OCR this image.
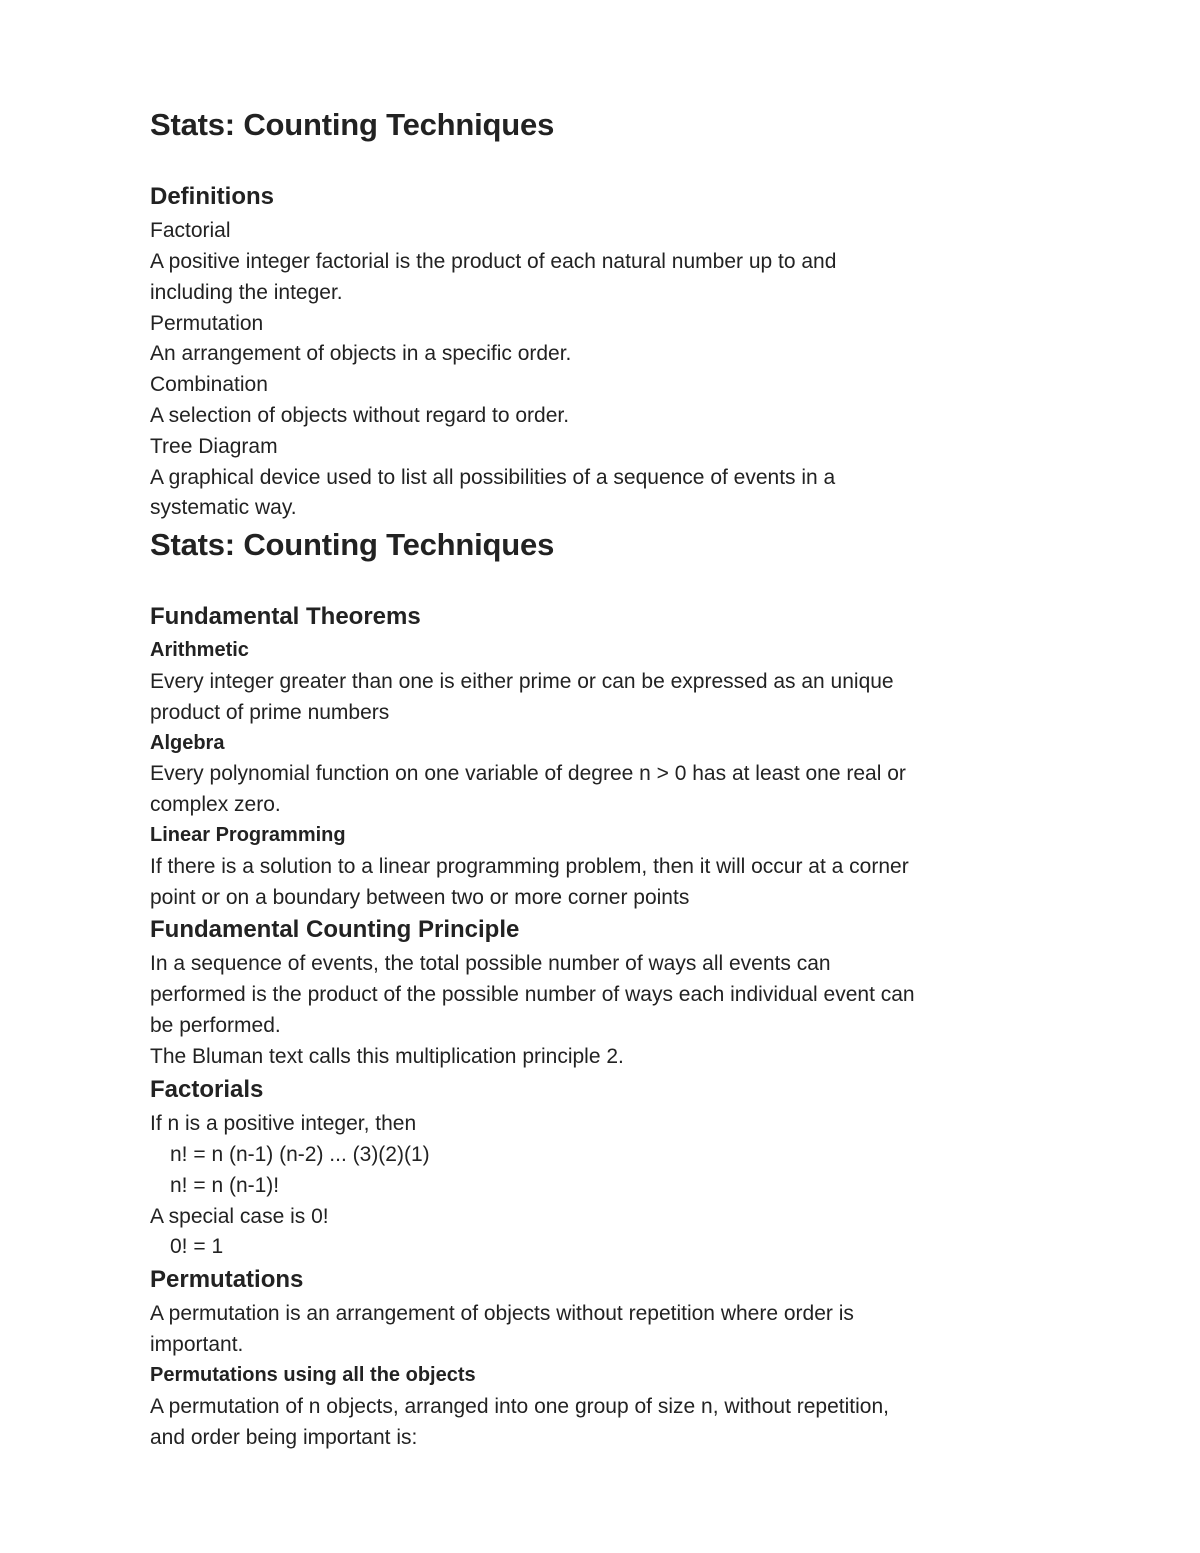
Stats: Counting Techniques

Definitions

Factorial

A positive integer factorial is the product of each natural number up to and

including the integer.

Permutation

An arrangement of objects in a specific order.

Combination

A selection of objects without regard to order.

Tree Diagram

A graphical device used to list all possibilities of a sequence of events in a

systematic way.

Stats: Counting Techniques

Fundamental Theorems

Arithmetic

Every integer greater than one is either prime or can be expressed as an unique

product of prime numbers

Algebra

Every polynomial function on one variable of degree n > 0 has at least one real or

complex zero.

Linear Programming

If there is a solution to a linear programming problem, then it will occur at a corner

point or on a boundary between two or more corner points

Fundamental Counting Principle

In a sequence of events, the total possible number of ways all events can

performed is the product of the possible number of ways each individual event can

be performed.

The Bluman text calls this multiplication principle 2.

Factorials

If n is a positive integer, then

n! = n (n-1) (n-2) ... (3)(2)(1)

n! = n (n-1)!

A special case is 0!

0! = 1

Permutations

A permutation is an arrangement of objects without repetition where order is

important.

Permutations using all the objects

A permutation of n objects, arranged into one group of size n, without repetition,

and order being important is:
